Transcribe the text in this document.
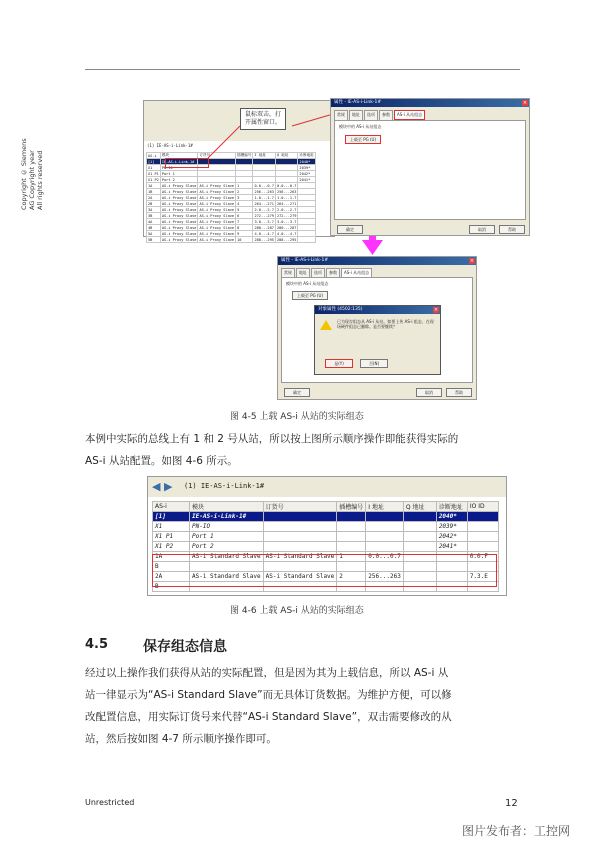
Copyright © Siemens AG Copyright year All rights reserved
(1) IE-AS-i-Link-1#
AS-i	模块	订货号	插槽编号	I 地址	Q 地址	诊断地址
[1]	IE-AS-i-Link-1#					2040*
X1	PN-IO					2039*
X1 P1	Port 1					2042*
X1 P2	Port 2					2041*
1A	AS-i Proxy Slave	AS-i Proxy Slave	1	0.0...0.7	0.0...0.7	
1B	AS-i Proxy Slave	AS-i Proxy Slave	2	256...263	256...263	
2A	AS-i Proxy Slave	AS-i Proxy Slave	3	1.0...1.7	1.0...1.7	
2B	AS-i Proxy Slave	AS-i Proxy Slave	4	264...271	264...271	
3A	AS-i Proxy Slave	AS-i Proxy Slave	5	2.0...2.7	2.0...2.7	
3B	AS-i Proxy Slave	AS-i Proxy Slave	6	272...279	272...279	
4A	AS-i Proxy Slave	AS-i Proxy Slave	7	3.0...3.7	3.0...3.7	
4B	AS-i Proxy Slave	AS-i Proxy Slave	8	280...287	280...287	
5A	AS-i Proxy Slave	AS-i Proxy Slave	9	4.0...4.7	4.0...4.7	
5B	AS-i Proxy Slave	AS-i Proxy Slave	10	288...295	288...295	
鼠标双击，打
开属性窗口。
属性 - IE-AS-i-Link-1#	×
常规	地址	选项	参数	AS-i 从站组态
模块中的 AS-i 从站组态
上载至 PG (U)
确定	取消	帮助
属性 - IE-AS-i-Link-1#	×
常规	地址	选项	参数	AS-i 从站组态
模块中的 AS-i 从站组态
上载至 PG (U)
对象属性 (4502:135)	×
已为现存组态从 AS-i 从站。如要上传 AS-i 组态，在现场硬件组态已删除。是否要继续？
是(Y)	否(N)
确定	取消	帮助
图 4-5 上载 AS-i 从站的实际组态
本例中实际的总线上有 1 和 2 号从站，所以按上图所示顺序操作即能获得实际的
AS-i 从站配置。如图 4-6 所示。
◀ ▶ (1) IE-AS-i-Link-1#
AS-i	模块	订货号	插槽编号	I 地址	Q 地址	诊断地址	IO ID
[1]	IE-AS-i-Link-1#					2040*	
X1	PN-IO					2039*	
X1 P1	Port 1					2042*	
X1 P2	Port 2					2041*	
1A	AS-i Standard Slave	AS-i Standard Slave	1	0.0...0.7			0.0.F
B							
2A	AS-i Standard Slave	AS-i Standard Slave	2	256...263			7.3.E
B							
图 4-6 上载 AS-i 从站的实际组态
4.5 保存组态信息
经过以上操作我们获得从站的实际配置，但是因为其为上载信息，所以 AS-i 从
站一律显示为“AS-i Standard Slave”而无具体订货数据。为维护方便，可以修
改配置信息，用实际订货号来代替“AS-i Standard Slave”，双击需要修改的从
站，然后按如图 4-7 所示顺序操作即可。
Unrestricted	12
图片发布者：工控网
